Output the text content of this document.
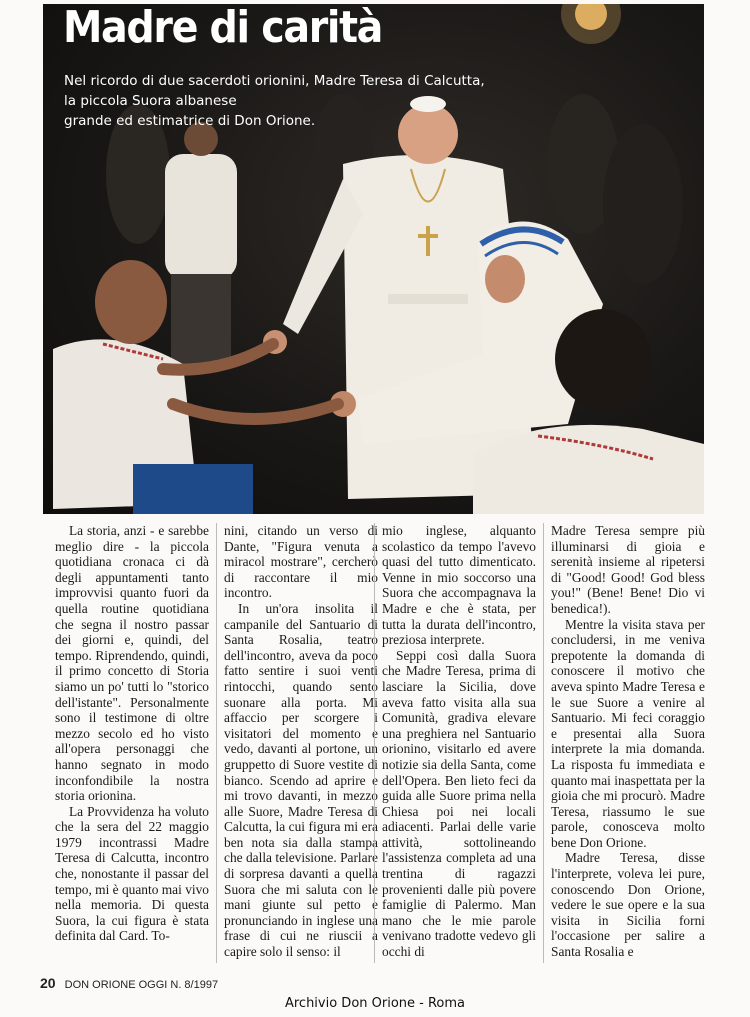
Madre di carità
Nel ricordo di due sacerdoti orionini, Madre Teresa di Calcutta,
la piccola Suora albanese
grande ed estimatrice di Don Orione.

La storia, anzi - e sarebbe meglio dire - la piccola quotidiana cronaca ci dà degli appuntamenti tanto improvvisi quanto fuori da quella routine quotidiana che segna il nostro passar dei giorni e, quindi, del tempo. Riprendendo, quindi, il primo concetto di Storia siamo un po' tutti lo "storico dell'istante". Personalmente sono il testimone di oltre mezzo secolo ed ho visto all'opera personaggi che hanno segnato in modo inconfondibile la nostra storia orionina.

La Provvidenza ha voluto che la sera del 22 maggio 1979 incontrassi Madre Teresa di Calcutta, incontro che, nonostante il passar del tempo, mi è quanto mai vivo nella memoria. Di questa Suora, la cui figura è stata definita dal Card. To-

nini, citando un verso di Dante, "Figura venuta a miracol mostrare", cercherò di raccontare il mio incontro.

In un'ora insolita il campanile del Santuario di Santa Rosalia, teatro dell'incontro, aveva da poco fatto sentire i suoi venti rintocchi, quando sento suonare alla porta. Mi affaccio per scorgere i visitatori del momento e vedo, davanti al portone, un gruppetto di Suore vestite di bianco. Scendo ad aprire e mi trovo davanti, in mezzo alle Suore, Madre Teresa di Calcutta, la cui figura mi era ben nota sia dalla stampa che dalla televisione. Parlare di sorpresa davanti a quella Suora che mi saluta con le mani giunte sul petto e pronunciando in inglese una frase di cui ne riuscii a capire solo il senso: il

mio inglese, alquanto scolastico da tempo l'avevo quasi del tutto dimenticato. Venne in mio soccorso una Suora che accompagnava la Madre e che è stata, per tutta la durata dell'incontro, preziosa interprete.

Seppi così dalla Suora che Madre Teresa, prima di lasciare la Sicilia, dove aveva fatto visita alla sua Comunità, gradiva elevare una preghiera nel Santuario orionino, visitarlo ed avere notizie sia della Santa, come dell'Opera. Ben lieto feci da guida alle Suore prima nella Chiesa poi nei locali adiacenti. Parlai delle varie attività, sottolineando l'assistenza completa ad una trentina di ragazzi provenienti dalle più povere famiglie di Palermo. Man mano che le mie parole venivano tradotte vedevo gli occhi di

Madre Teresa sempre più illuminarsi di gioia e serenità insieme al ripetersi di "Good! Good! God bless you!" (Bene! Bene! Dio vi benedica!).

Mentre la visita stava per concludersi, in me veniva prepotente la domanda di conoscere il motivo che aveva spinto Madre Teresa e le sue Suore a venire al Santuario. Mi feci coraggio e presentai alla Suora interprete la mia domanda. La risposta fu immediata e quanto mai inaspettata per la gioia che mi procurò. Madre Teresa, riassumo le sue parole, conosceva molto bene Don Orione.

Madre Teresa, disse l'interprete, voleva lei pure, conoscendo Don Orione, vedere le sue opere e la sua visita in Sicilia forni l'occasione per salire a Santa Rosalia e

20 DON ORIONE OGGI N. 8/1997
Archivio Don Orione - Roma
